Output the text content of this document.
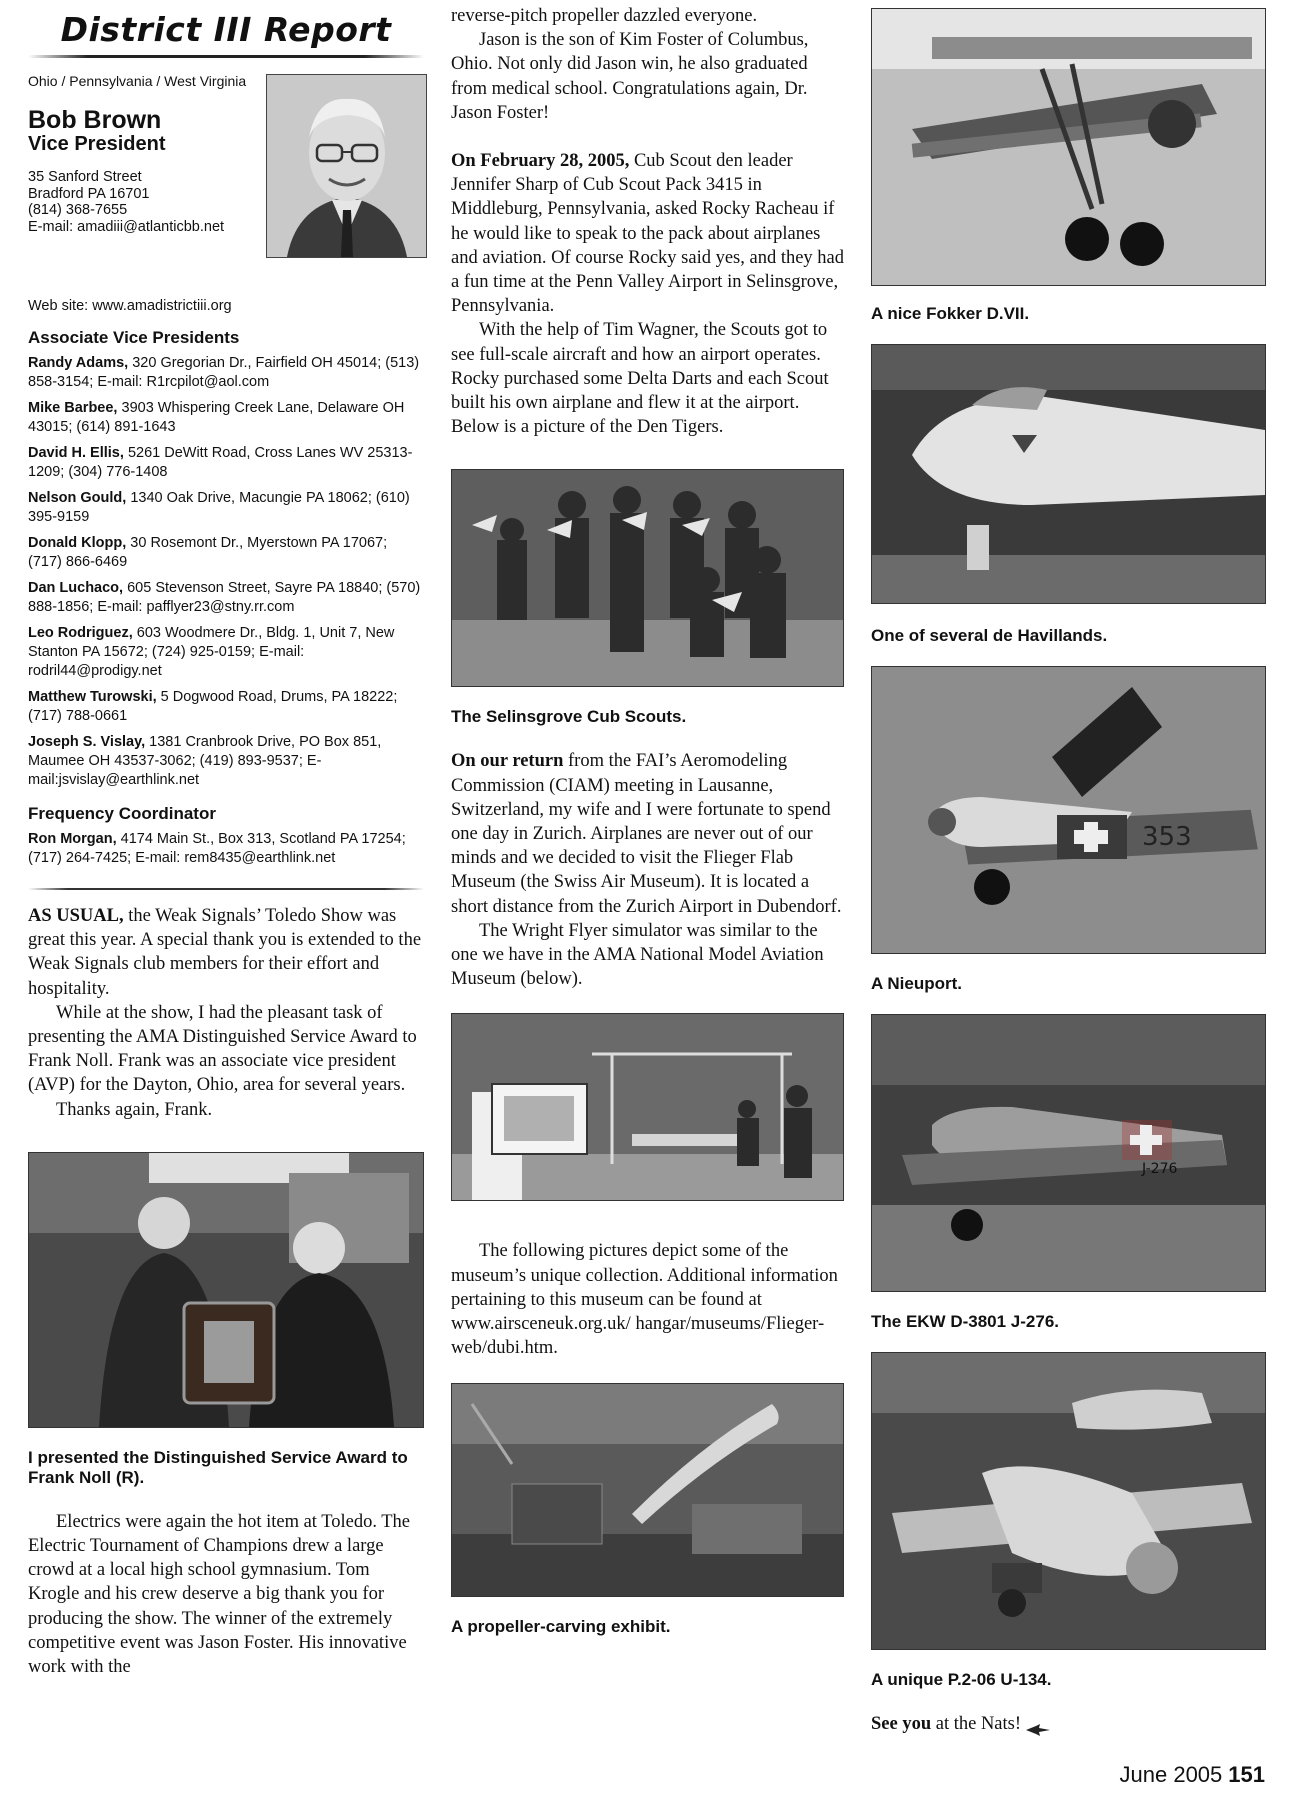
District III Report
Ohio / Pennsylvania / West Virginia
Bob Brown
Vice President
35 Sanford Street
Bradford PA 16701
(814) 368-7655
E-mail: amadiii@atlanticbb.net
Web site: www.amadistrictiii.org
Associate Vice Presidents
Randy Adams, 320 Gregorian Dr., Fairfield OH 45014; (513) 858-3154; E-mail: R1rcpilot@aol.com
Mike Barbee, 3903 Whispering Creek Lane, Delaware OH 43015; (614) 891-1643
David H. Ellis, 5261 DeWitt Road, Cross Lanes WV 25313-1209; (304) 776-1408
Nelson Gould, 1340 Oak Drive, Macungie PA 18062; (610) 395-9159
Donald Klopp, 30 Rosemont Dr., Myerstown PA 17067; (717) 866-6469
Dan Luchaco, 605 Stevenson Street, Sayre PA 18840; (570) 888-1856; E-mail: pafflyer23@stny.rr.com
Leo Rodriguez, 603 Woodmere Dr., Bldg. 1, Unit 7, New Stanton PA 15672; (724) 925-0159; E-mail: rodril44@prodigy.net
Matthew Turowski, 5 Dogwood Road, Drums, PA 18222; (717) 788-0661
Joseph S. Vislay, 1381 Cranbrook Drive, PO Box 851, Maumee OH 43537-3062; (419) 893-9537; E-mail:jsvislay@earthlink.net
Frequency Coordinator
Ron Morgan, 4174 Main St., Box 313, Scotland PA 17254; (717) 264-7425; E-mail: rem8435@earthlink.net

AS USUAL, the Weak Signals’ Toledo Show was great this year. A special thank you is extended to the Weak Signals club members for their effort and hospitality.

While at the show, I had the pleasant task of presenting the AMA Distinguished Service Award to Frank Noll. Frank was an associate vice president (AVP) for the Dayton, Ohio, area for several years.

Thanks again, Frank.

I presented the Distinguished Service Award to Frank Noll (R).

Electrics were again the hot item at Toledo. The Electric Tournament of Champions drew a large crowd at a local high school gymnasium. Tom Krogle and his crew deserve a big thank you for producing the show. The winner of the extremely competitive event was Jason Foster. His innovative work with the

reverse-pitch propeller dazzled everyone.

Jason is the son of Kim Foster of Columbus, Ohio. Not only did Jason win, he also graduated from medical school. Congratulations again, Dr. Jason Foster!

On February 28, 2005, Cub Scout den leader Jennifer Sharp of Cub Scout Pack 3415 in Middleburg, Pennsylvania, asked Rocky Racheau if he would like to speak to the pack about airplanes and aviation. Of course Rocky said yes, and they had a fun time at the Penn Valley Airport in Selinsgrove, Pennsylvania.

With the help of Tim Wagner, the Scouts got to see full-scale aircraft and how an airport operates. Rocky purchased some Delta Darts and each Scout built his own airplane and flew it at the airport. Below is a picture of the Den Tigers.

The Selinsgrove Cub Scouts.

On our return from the FAI’s Aeromodeling Commission (CIAM) meeting in Lausanne, Switzerland, my wife and I were fortunate to spend one day in Zurich. Airplanes are never out of our minds and we decided to visit the Flieger Flab Museum (the Swiss Air Museum). It is located a short distance from the Zurich Airport in Dubendorf.

The Wright Flyer simulator was similar to the one we have in the AMA National Model Aviation Museum (below).

The following pictures depict some of the museum’s unique collection. Additional information pertaining to this museum can be found at www.airsceneuk.org.uk/ hangar/museums/Flieger-web/dubi.htm.

A propeller-carving exhibit.
A nice Fokker D.VII.
One of several de Havillands.
353
A Nieuport.
J-276
The EKW D-3801 J-276.
A unique P.2-06 U-134.
See you at the Nats!
June 2005 151
